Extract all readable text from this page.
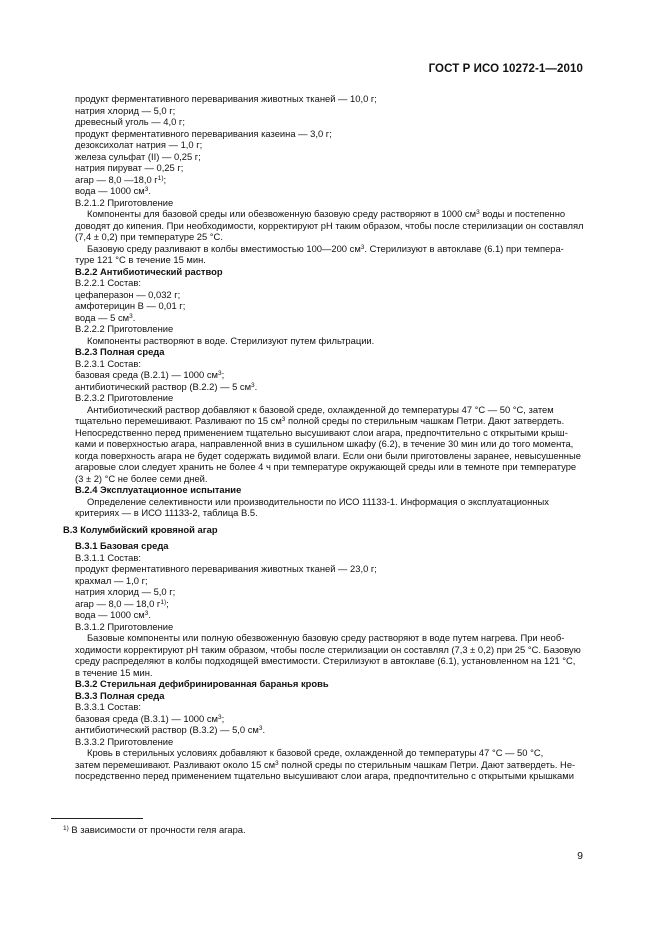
ГОСТ Р ИСО 10272-1—2010
продукт ферментативного переваривания животных тканей — 10,0 г;
натрия хлорид — 5,0 г;
древесный уголь — 4,0 г;
продукт ферментативного переваривания казеина — 3,0 г;
дезоксихолат натрия — 1,0 г;
железа сульфат (II) — 0,25 г;
натрия пируват — 0,25 г;
агар — 8,0 —18,0 $г^{1)}$;
вода — 1000 $см^3$.
В.2.1.2 Приготовление
Компоненты для базовой среды или обезвоженную базовую среду растворяют в 1000 $см^3$ воды и постепенно
доводят до кипения. При необходимости, корректируют рН таким образом, чтобы после стерилизации он составлял
(7,4 ± 0,2) при температуре 25 °С.
Базовую среду разливают в колбы вместимостью 100—200 $см^3$. Стерилизуют в автоклаве (6.1) при темпера-
туре 121 °С в течение 15 мин.
В.2.2 Антибиотический раствор
В.2.2.1 Состав:
цефаперазон — 0,032 г;
амфотерицин В — 0,01 г;
вода — 5 $см^3$.
В.2.2.2 Приготовление
Компоненты растворяют в воде. Стерилизуют путем фильтрации.
В.2.3 Полная среда
В.2.3.1 Состав:
базовая среда (В.2.1) — 1000 $см^3$;
антибиотический раствор (В.2.2) — 5 $см^3$.
В.2.3.2 Приготовление
Антибиотический раствор добавляют к базовой среде, охлажденной до температуры 47 °С — 50 °С, затем
тщательно перемешивают. Разливают по 15 $см^3$ полной среды по стерильным чашкам Петри. Дают затвердеть.
Непосредственно перед применением тщательно высушивают слои агара, предпочтительно с открытыми крыш-
ками и поверхностью агара, направленной вниз в сушильном шкафу (6.2), в течение 30 мин или до того момента,
когда поверхность агара не будет содержать видимой влаги. Если они были приготовлены заранее, невысушенные
агаровые слои следует хранить не более 4 ч при температуре окружающей среды или в темноте при температуре
(3 ± 2) °С не более семи дней.
В.2.4 Эксплуатационное испытание
Определение селективности или производительности по ИСО 11133-1. Информация о эксплуатационных
критериях — в ИСО 11133-2, таблица В.5.
В.3 Колумбийский кровяной агар
В.3.1 Базовая среда
В.3.1.1 Состав:
продукт ферментативного переваривания животных тканей — 23,0 г;
крахмал — 1,0 г;
натрия хлорид — 5,0 г;
агар — 8,0 — 18,0 $г^{1)}$;
вода — 1000 $см^3$.
В.3.1.2 Приготовление
Базовые компоненты или полную обезвоженную базовую среду растворяют в воде путем нагрева. При необ-
ходимости корректируют рН таким образом, чтобы после стерилизации он составлял (7,3 ± 0,2) при 25 °С. Базовую
среду распределяют в колбы подходящей вместимости. Стерилизуют в автоклаве (6.1), установленном на 121 °С,
в течение 15 мин.
В.3.2 Стерильная дефибринированная баранья кровь
В.3.3 Полная среда
В.3.3.1 Состав:
базовая среда (В.3.1) — 1000 $см^3$;
антибиотический раствор (В.3.2) — 5,0 $см^3$.
В.3.3.2 Приготовление
Кровь в стерильных условиях добавляют к базовой среде, охлажденной до температуры 47 °С — 50 °С,
затем перемешивают. Разливают около 15 $см^3$ полной среды по стерильным чашкам Петри. Дают затвердеть. Не-
посредственно перед применением тщательно высушивают слои агара, предпочтительно с открытыми крышками
$^{1)}$ В зависимости от прочности геля агара.
9
